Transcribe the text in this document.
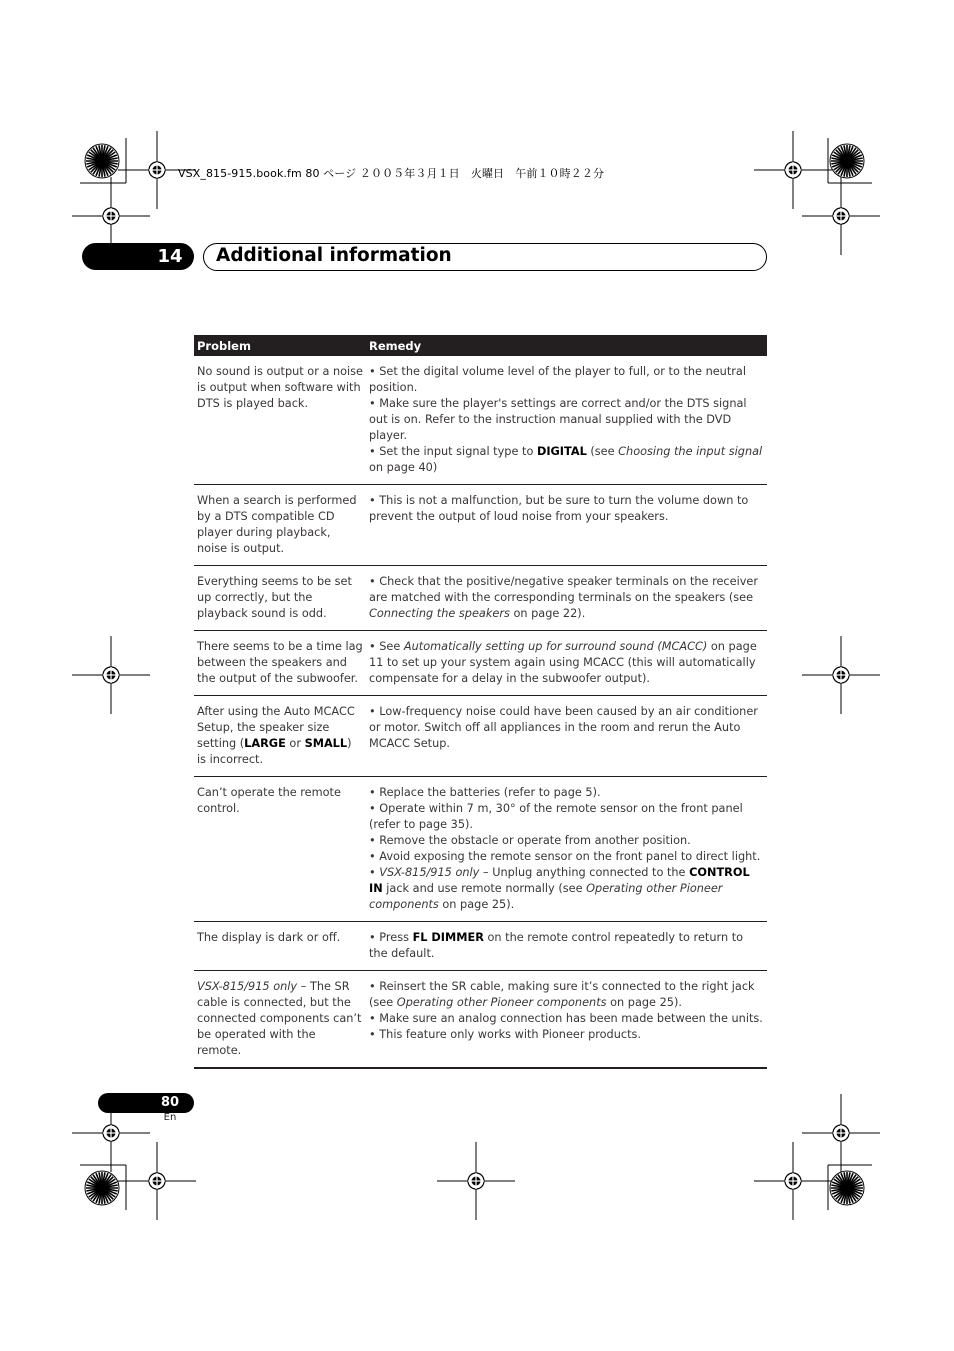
VSX_815-915.book.fm 80 ページ ２００５年３月１日　火曜日　午前１０時２２分
14	Additional information
Problem	Remedy
No sound is output or a noise is output when software with DTS is played back.	• Set the digital volume level of the player to full, or to the neutral position.
• Make sure the player's settings are correct and/or the DTS signal out is on. Refer to the instruction manual supplied with the DVD player.
• Set the input signal type to DIGITAL (see Choosing the input signal on page 40)

When a search is performed by a DTS compatible CD player during playback, noise is output.	• This is not a malfunction, but be sure to turn the volume down to prevent the output of loud noise from your speakers.

Everything seems to be set up correctly, but the playback sound is odd.	• Check that the positive/negative speaker terminals on the receiver are matched with the corresponding terminals on the speakers (see Connecting the speakers on page 22).

There seems to be a time lag between the speakers and the output of the subwoofer.	• See Automatically setting up for surround sound (MCACC) on page 11 to set up your system again using MCACC (this will automatically compensate for a delay in the subwoofer output).

After using the Auto MCACC Setup, the speaker size setting (LARGE or SMALL) is incorrect.	• Low-frequency noise could have been caused by an air conditioner or motor. Switch off all appliances in the room and rerun the Auto MCACC Setup.

Can’t operate the remote control.	• Replace the batteries (refer to page 5).
• Operate within 7 m, 30° of the remote sensor on the front panel (refer to page 35).
• Remove the obstacle or operate from another position.
• Avoid exposing the remote sensor on the front panel to direct light.
• VSX-815/915 only – Unplug anything connected to the CONTROL IN jack and use remote normally (see Operating other Pioneer components on page 25).

The display is dark or off.	• Press FL DIMMER on the remote control repeatedly to return to the default.

VSX-815/915 only – The SR cable is connected, but the connected components can’t be operated with the remote.	• Reinsert the SR cable, making sure it’s connected to the right jack (see Operating other Pioneer components on page 25).
• Make sure an analog connection has been made between the units.
• This feature only works with Pioneer products.
80
En
